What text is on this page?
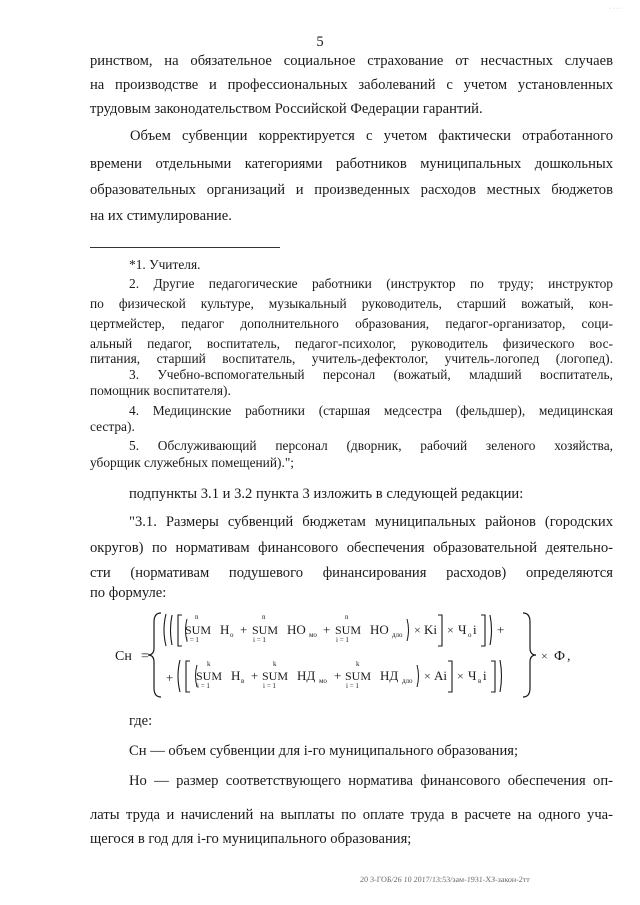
· · · ·
5

ринством, на обязательное социальное страхование от несчастных случаев

на производстве и профессиональных заболеваний с учетом установленных

трудовым законодательством Российской Федерации гарантий.

Объем субвенции корректируется с учетом фактически отработанного

времени отдельными категориями работников муниципальных дошкольных

образовательных организаций и произведенных расходов местных бюджетов

на их стимулирование.

*1. Учителя.

2. Другие педагогические работники (инструктор по труду; инструктор

по физической культуре, музыкальный руководитель, старший вожатый, кон-

цертмейстер, педагог дополнительного образования, педагог-организатор, соци-

альный педагог, воспитатель, педагог-психолог, руководитель физического вос-

питания, старший воспитатель, учитель-дефектолог, учитель-логопед (логопед).

3. Учебно-вспомогательный персонал (вожатый, младший воспитатель,

помощник воспитателя).

4. Медицинские работники (старшая медсестра (фельдшер), медицинская

сестра).

5. Обслуживающий персонал (дворник, рабочий зеленого хозяйства,

уборщик служебных помещений).";

подпункты 3.1 и 3.2 пункта 3 изложить в следующей редакции:

"3.1. Размеры субвенций бюджетам муниципальных районов (городских

округов) по нормативам финансового обеспечения образовательной деятельно-

сти (нормативам подушевого финансирования расходов) определяются

по формуле:

Сн =
n
SUM
i = 1
Н о +
n
SUM
i = 1
НО мо +
n
SUM
i = 1
НО дло × Ki × Ч о i +
+
k
SUM
i = 1
Н в +
k
SUM
i = 1
НД мо +
k
SUM
i = 1
НД дло × Ai × Ч в i
× Ф ,

где:

Сн — объем субвенции для i-го муниципального образования;

Но –– размер соответствующего норматива финансового обеспечения оп-

латы труда и начислений на выплаты по оплате труда в расчете на одного уча-

щегося в год для i-го муниципального образования;

20 3-ГОБ/26 10 2017/13:53/зам-1931-ХЗ-закон-2тт
